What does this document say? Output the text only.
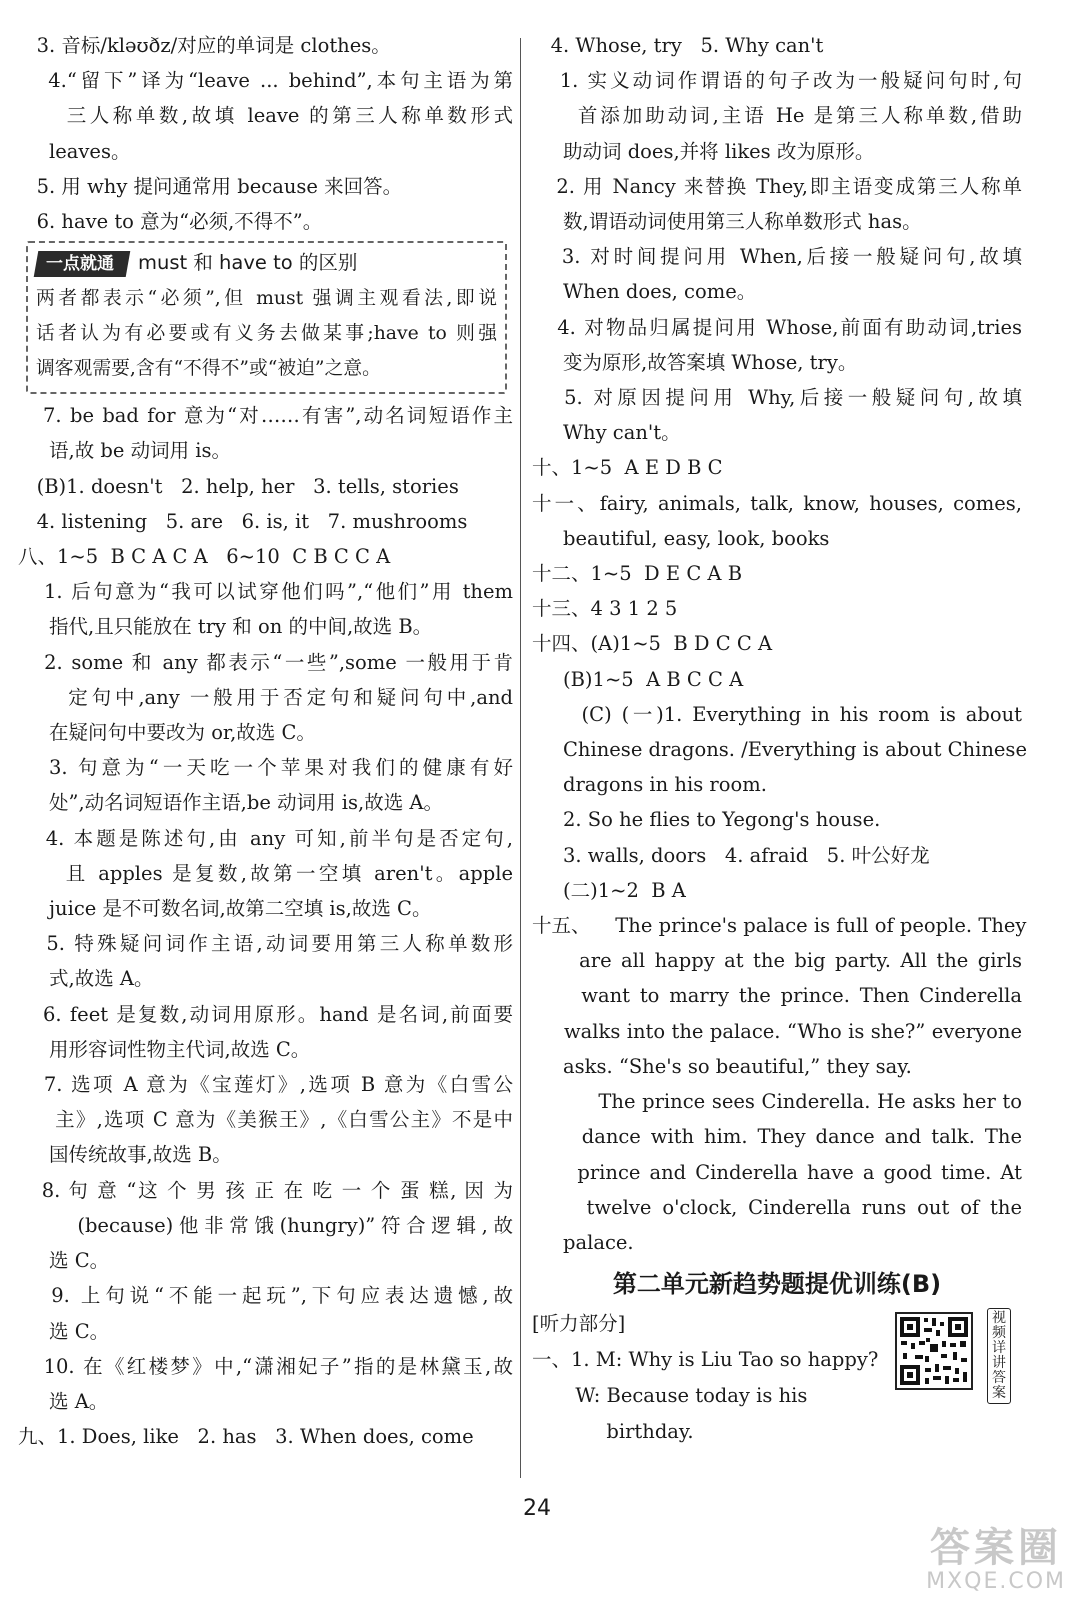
3. 音标/kləʊðz/对应的单词是 clothes。
4.“留下”译为“leave ... behind”,本句主语为第
三人称单数,故填 leave 的第三人称单数形式
leaves。
5. 用 why 提问通常用 because 来回答。
6. have to 意为“必须,不得不”。
一点就通 must 和 have to 的区别
两者都表示“必须”,但 must 强调主观看法,即说
话者认为有必要或有义务去做某事;have to 则强
调客观需要,含有“不得不”或“被迫”之意。
7. be bad for 意为“对……有害”,动名词短语作主
语,故 be 动词用 is。
(B)1. doesn't   2. help, her   3. tells, stories
4. listening   5. are   6. is, it   7. mushrooms
八、1~5  B C A C A   6~10  C B C C A
1. 后句意为“我可以试穿他们吗”,“他们”用 them
指代,且只能放在 try 和 on 的中间,故选 B。
2. some 和 any 都表示“一些”,some 一般用于肯
定句中,any 一般用于否定句和疑问句中,and
在疑问句中要改为 or,故选 C。
3. 句意为“一天吃一个苹果对我们的健康有好
处”,动名词短语作主语,be 动词用 is,故选 A。
4. 本题是陈述句,由 any 可知,前半句是否定句,
且 apples 是复数,故第一空填 aren't。apple
juice 是不可数名词,故第二空填 is,故选 C。
5. 特殊疑问词作主语,动词要用第三人称单数形
式,故选 A。
6. feet 是复数,动词用原形。hand 是名词,前面要
用形容词性物主代词,故选 C。
7. 选项 A 意为《宝莲灯》,选项 B 意为《白雪公
主》,选项 C 意为《美猴王》,《白雪公主》不是中
国传统故事,故选 B。
8. 句 意 “这 个 男 孩 正 在 吃 一 个 蛋 糕, 因 为
(because)他非常饿(hungry)”符合逻辑,故
选 C。
9. 上句说“不能一起玩”,下句应表达遗憾,故
选 C。
10. 在《红楼梦》中,“潇湘妃子”指的是林黛玉,故
选 A。
九、1. Does, like   2. has   3. When does, come
4. Whose, try   5. Why can't
1. 实义动词作谓语的句子改为一般疑问句时,句
首添加助动词,主语 He 是第三人称单数,借助
助动词 does,并将 likes 改为原形。
2. 用 Nancy 来替换 They,即主语变成第三人称单
数,谓语动词使用第三人称单数形式 has。
3. 对时间提问用 When,后接一般疑问句,故填
When does, come。
4. 对物品归属提问用 Whose,前面有助动词,tries
变为原形,故答案填 Whose, try。
5. 对原因提问用 Why,后接一般疑问句,故填
Why can't。
十、1~5  A E D B C
十一、fairy, animals, talk, know, houses, comes,
beautiful, easy, look, books
十二、1~5  D E C A B
十三、4 3 1 2 5
十四、(A)1~5  B D C C A
(B)1~5  A B C C A
(C) (一)1. Everything in his room is about
Chinese dragons. /Everything is about Chinese
dragons in his room.
2. So he flies to Yegong's house.
3. walls, doors   4. afraid   5. 叶公好龙
(二)1~2  B A
十五、    The prince's palace is full of people. They
are all happy at the big party. All the girls
want to marry the prince. Then Cinderella
walks into the palace. “Who is she?” everyone
asks. “She's so beautiful,” they say.
The prince sees Cinderella. He asks her to
dance with him. They dance and talk. The
prince and Cinderella have a good time. At
twelve o'clock, Cinderella runs out of the
palace.
第二单元新趋势题提优训练(B)
[听力部分]
一、1. M: Why is Liu Tao so happy?
W: Because today is his
birthday.
视频详讲答案
24
答案圈
MXQE.COM
